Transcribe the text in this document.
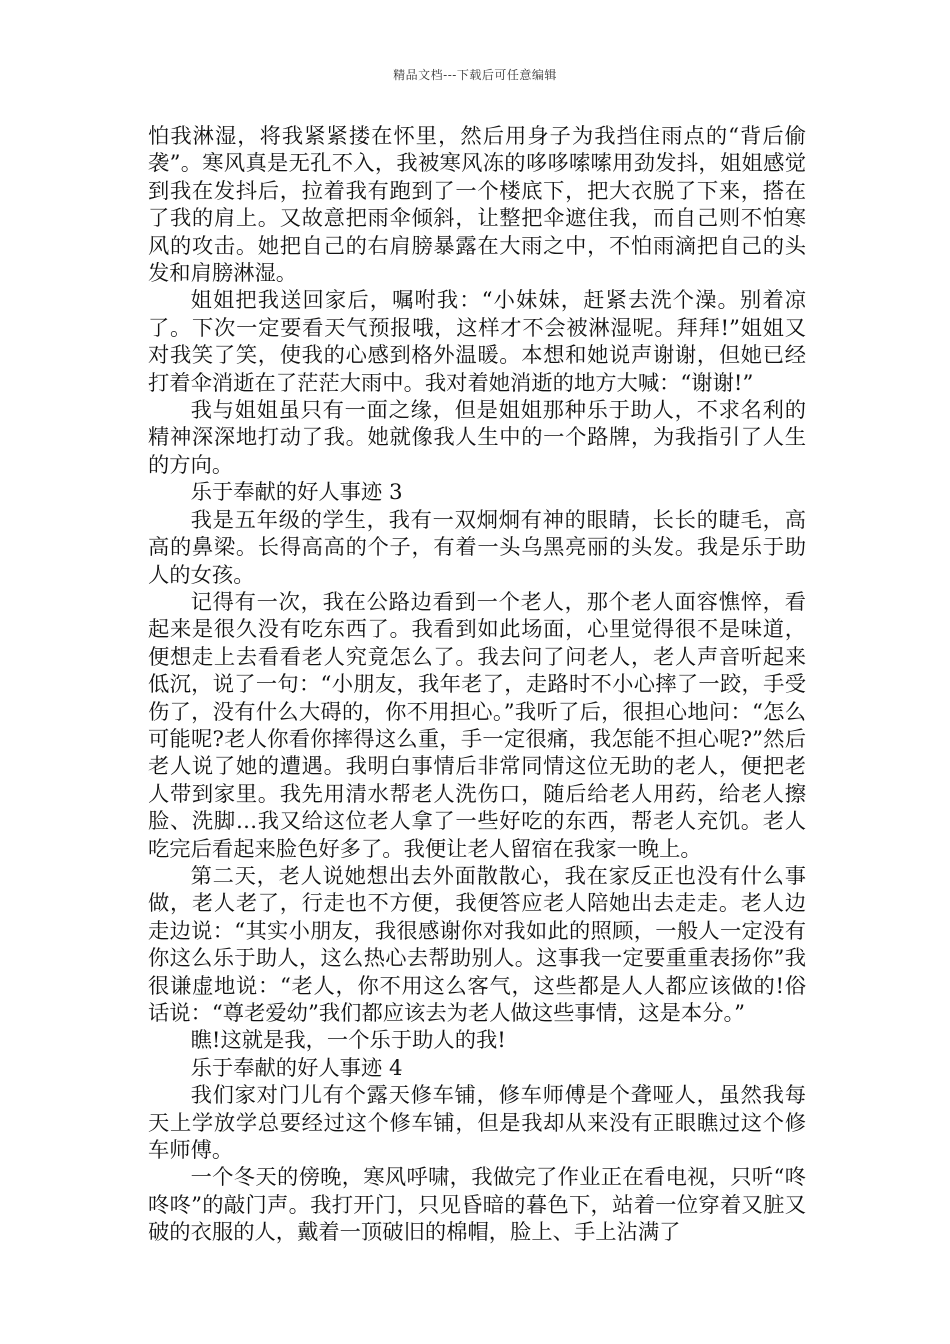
精品文档---下载后可任意编辑

怕我淋湿，将我紧紧搂在怀里，然后用身子为我挡住雨点的“背后偷袭”。寒风真是无孔不入，我被寒风冻的哆哆嗦嗦用劲发抖，姐姐感觉到我在发抖后，拉着我有跑到了一个楼底下，把大衣脱了下来，搭在了我的肩上。又故意把雨伞倾斜，让整把伞遮住我，而自己则不怕寒风的攻击。她把自己的右肩膀暴露在大雨之中，不怕雨滴把自己的头发和肩膀淋湿。

姐姐把我送回家后，嘱咐我：“小妹妹，赶紧去洗个澡。别着凉了。下次一定要看天气预报哦，这样才不会被淋湿呢。拜拜!”姐姐又对我笑了笑，使我的心感到格外温暖。本想和她说声谢谢，但她已经打着伞消逝在了茫茫大雨中。我对着她消逝的地方大喊：“谢谢!”

我与姐姐虽只有一面之缘，但是姐姐那种乐于助人，不求名利的精神深深地打动了我。她就像我人生中的一个路牌，为我指引了人生的方向。

乐于奉献的好人事迹 3

我是五年级的学生，我有一双炯炯有神的眼睛，长长的睫毛，高高的鼻梁。长得高高的个子，有着一头乌黑亮丽的头发。我是乐于助人的女孩。

记得有一次，我在公路边看到一个老人，那个老人面容憔悴，看起来是很久没有吃东西了。我看到如此场面，心里觉得很不是味道，便想走上去看看老人究竟怎么了。我去问了问老人，老人声音听起来低沉，说了一句：“小朋友，我年老了，走路时不小心摔了一跤，手受伤了，没有什么大碍的，你不用担心。”我听了后，很担心地问：“怎么可能呢?老人你看你摔得这么重，手一定很痛，我怎能不担心呢?”然后老人说了她的遭遇。我明白事情后非常同情这位无助的老人，便把老人带到家里。我先用清水帮老人洗伤口，随后给老人用药，给老人擦脸、洗脚…我又给这位老人拿了一些好吃的东西，帮老人充饥。老人吃完后看起来脸色好多了。我便让老人留宿在我家一晚上。

第二天，老人说她想出去外面散散心，我在家反正也没有什么事做，老人老了，行走也不方便，我便答应老人陪她出去走走。老人边走边说：“其实小朋友，我很感谢你对我如此的照顾，一般人一定没有你这么乐于助人，这么热心去帮助别人。这事我一定要重重表扬你”我很谦虚地说：“老人，你不用这么客气，这些都是人人都应该做的!俗话说：“尊老爱幼”我们都应该去为老人做这些事情，这是本分。”

瞧!这就是我，一个乐于助人的我!

乐于奉献的好人事迹 4

我们家对门儿有个露天修车铺，修车师傅是个聋哑人，虽然我每天上学放学总要经过这个修车铺，但是我却从来没有正眼瞧过这个修车师傅。

一个冬天的傍晚，寒风呼啸，我做完了作业正在看电视，只听“咚咚咚”的敲门声。我打开门，只见昏暗的暮色下，站着一位穿着又脏又破的衣服的人，戴着一顶破旧的棉帽，脸上、手上沾满了
